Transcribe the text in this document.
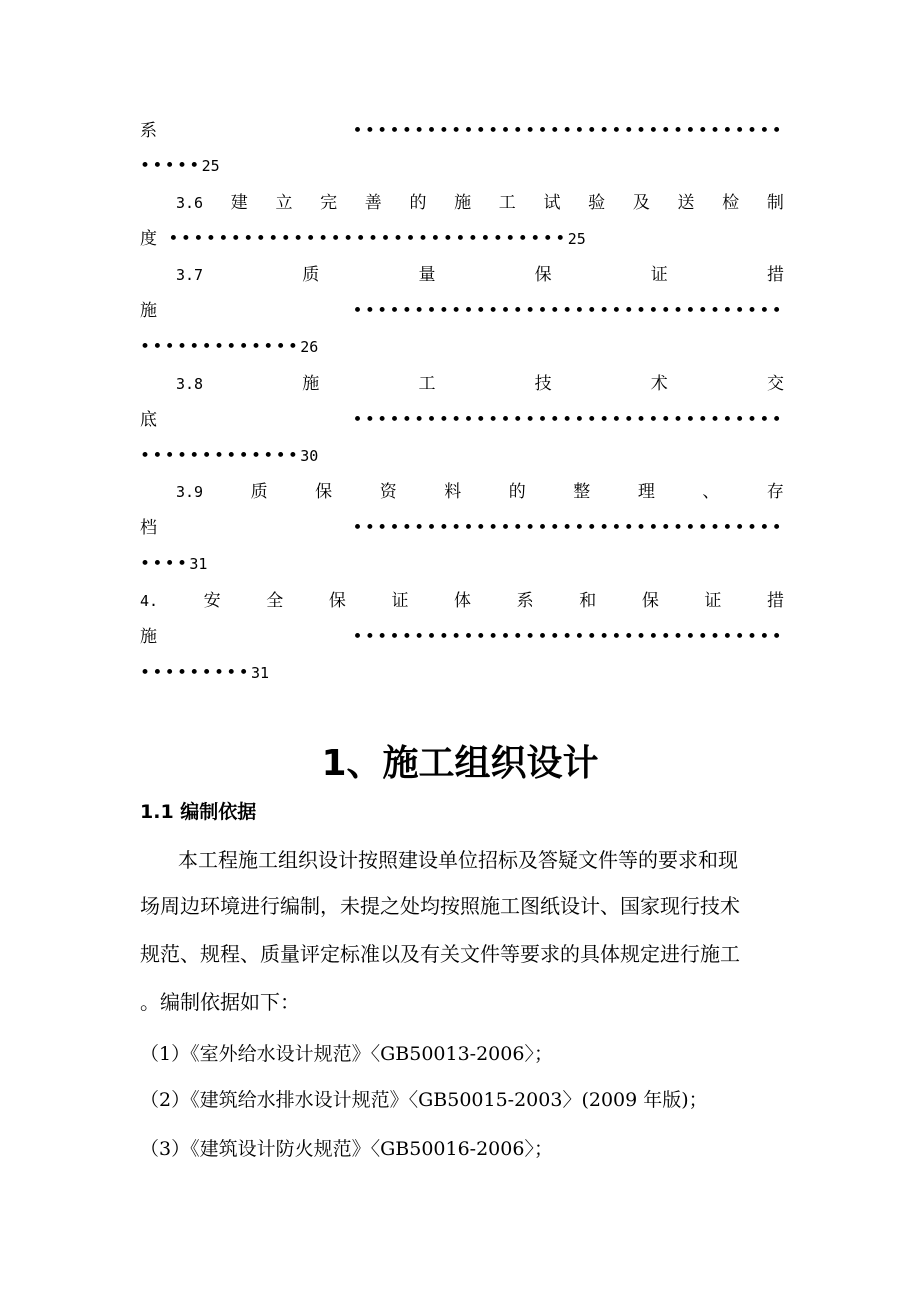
系	•••••••••••••••••••••••••••••••••••
•••••25
3.6 建 立 完 善 的 施 工 试 验 及 送 检 制
度 ••••••••••••••••••••••••••••••••25
3.7	质	量	保	证	措
施	•••••••••••••••••••••••••••••••••••
•••••••••••••26
3.8	施	工	技	术	交
底	•••••••••••••••••••••••••••••••••••
•••••••••••••30
3.9	质	保	资	料	的	整	理	、	存
档	•••••••••••••••••••••••••••••••••••
••••31
4.	安	全	保	证	体	系	和	保	证	措
施	•••••••••••••••••••••••••••••••••••
•••••••••31
1、施工组织设计
1.1 编制依据
本工程施工组织设计按照建设单位招标及答疑文件等的要求和现
场周边环境进行编制，未提之处均按照施工图纸设计、国家现行技术
规范、规程、质量评定标准以及有关文件等要求的具体规定进行施工
。编制依据如下：
（1）《室外给水设计规范》〈GB50013-2006〉；
（2）《建筑给水排水设计规范》〈GB50015-2003〉(2009 年版)；
（3）《建筑设计防火规范》〈GB50016-2006〉；
